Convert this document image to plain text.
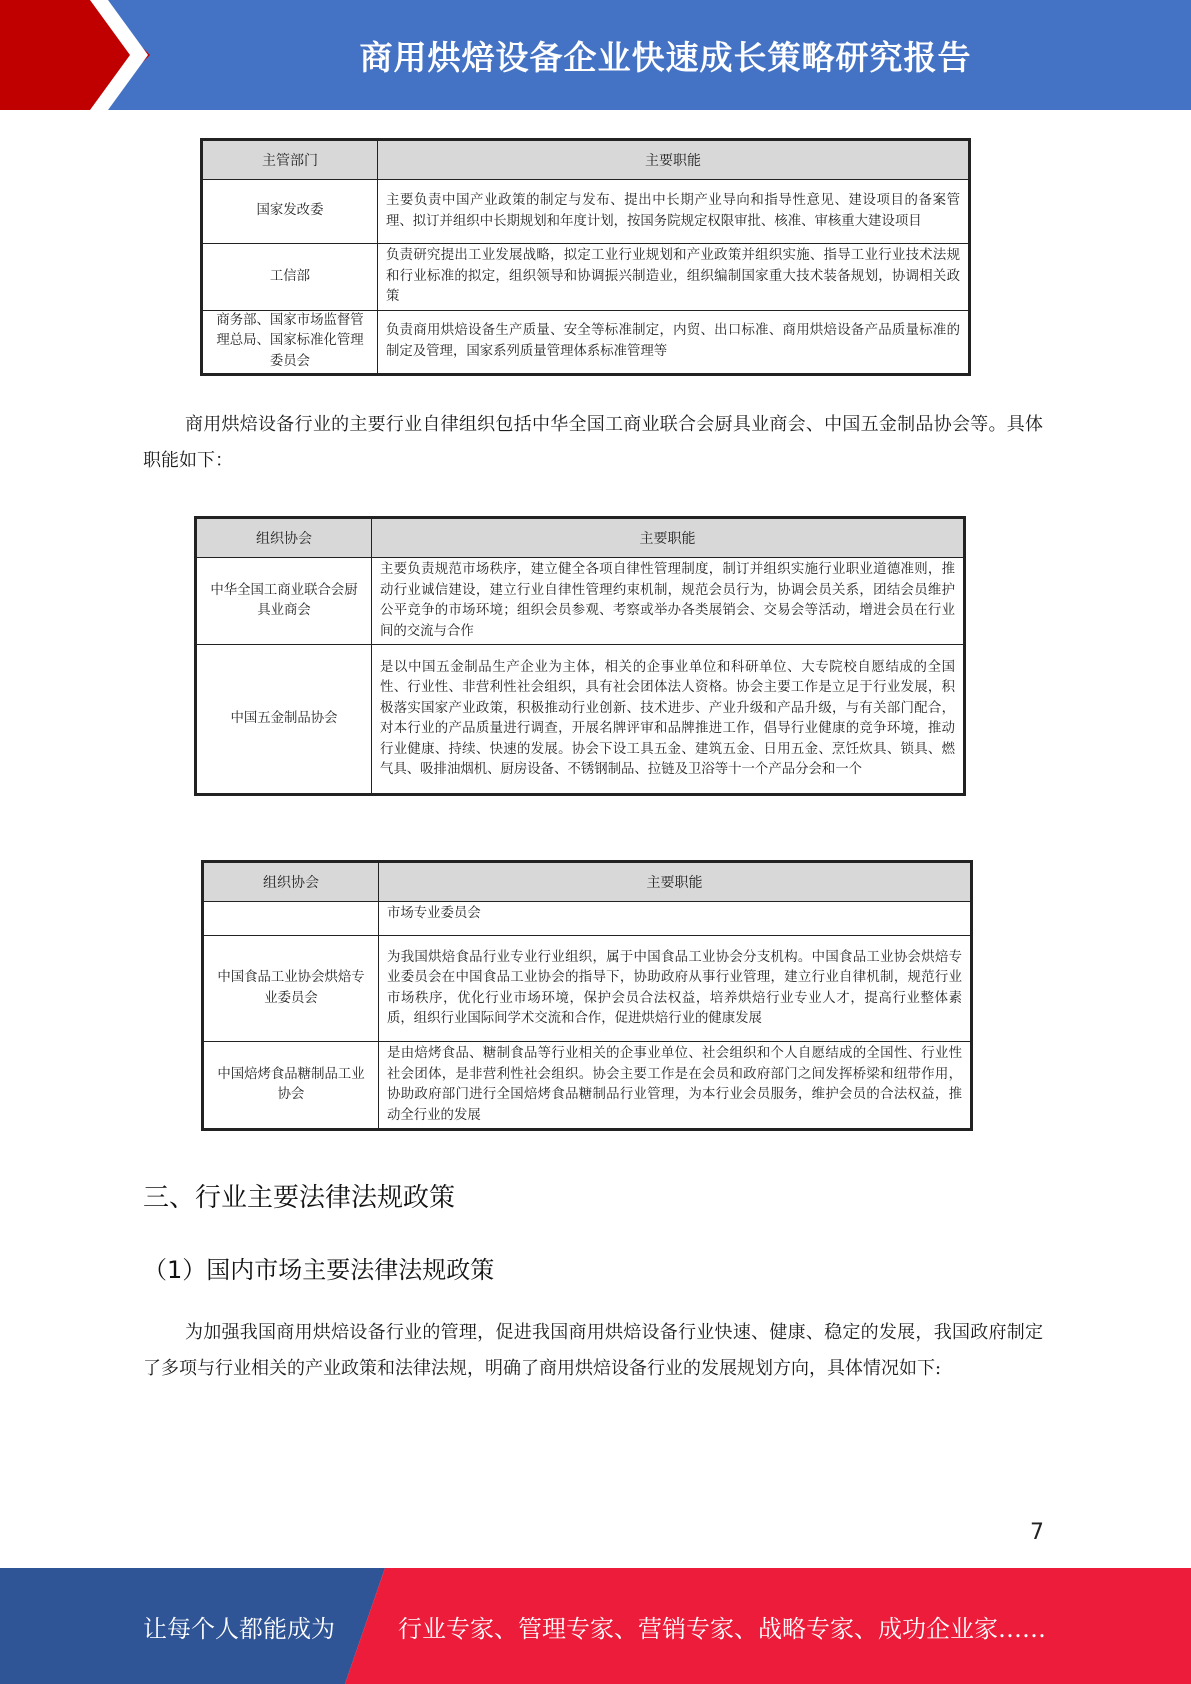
商用烘焙设备企业快速成长策略研究报告
主管部门	主要职能
国家发改委	主要负责中国产业政策的制定与发布、提出中长期产业导向和指导性意见、建设项目的备案管理、拟订并组织中长期规划和年度计划，按国务院规定权限审批、核准、审核重大建设项目
工信部	负责研究提出工业发展战略，拟定工业行业规划和产业政策并组织实施、指导工业行业技术法规和行业标准的拟定，组织领导和协调振兴制造业，组织编制国家重大技术装备规划，协调相关政策
商务部、国家市场监督管理总局、国家标准化管理委员会	负责商用烘焙设备生产质量、安全等标准制定，内贸、出口标准、商用烘焙设备产品质量标准的制定及管理，国家系列质量管理体系标准管理等

商用烘焙设备行业的主要行业自律组织包括中华全国工商业联合会厨具业商会、中国五金制品协会等。具体职能如下：

组织协会	主要职能
中华全国工商业联合会厨具业商会	主要负责规范市场秩序，建立健全各项自律性管理制度，制订并组织实施行业职业道德准则，推动行业诚信建设，建立行业自律性管理约束机制，规范会员行为，协调会员关系，团结会员维护公平竞争的市场环境；组织会员参观、考察或举办各类展销会、交易会等活动，增进会员在行业间的交流与合作
中国五金制品协会	是以中国五金制品生产企业为主体，相关的企事业单位和科研单位、大专院校自愿结成的全国性、行业性、非营利性社会组织，具有社会团体法人资格。协会主要工作是立足于行业发展，积极落实国家产业政策，积极推动行业创新、技术进步、产业升级和产品升级，与有关部门配合，对本行业的产品质量进行调查，开展名牌评审和品牌推进工作，倡导行业健康的竞争环境，推动行业健康、持续、快速的发展。协会下设工具五金、建筑五金、日用五金、烹饪炊具、锁具、燃气具、吸排油烟机、厨房设备、不锈钢制品、拉链及卫浴等十一个产品分会和一个
组织协会	主要职能
	市场专业委员会
中国食品工业协会烘焙专业委员会	为我国烘焙食品行业专业行业组织，属于中国食品工业协会分支机构。中国食品工业协会烘焙专业委员会在中国食品工业协会的指导下，协助政府从事行业管理，建立行业自律机制，规范行业市场秩序，优化行业市场环境，保护会员合法权益，培养烘焙行业专业人才，提高行业整体素质，组织行业国际间学术交流和合作，促进烘焙行业的健康发展
中国焙烤食品糖制品工业协会	是由焙烤食品、糖制食品等行业相关的企事业单位、社会组织和个人自愿结成的全国性、行业性社会团体，是非营利性社会组织。协会主要工作是在会员和政府部门之间发挥桥梁和纽带作用，协助政府部门进行全国焙烤食品糖制品行业管理，为本行业会员服务，维护会员的合法权益，推动全行业的发展
三、行业主要法律法规政策
（1）国内市场主要法律法规政策

为加强我国商用烘焙设备行业的管理，促进我国商用烘焙设备行业快速、健康、稳定的发展，我国政府制定了多项与行业相关的产业政策和法律法规，明确了商用烘焙设备行业的发展规划方向，具体情况如下:

7
让每个人都能成为	行业专家、管理专家、营销专家、战略专家、成功企业家……
